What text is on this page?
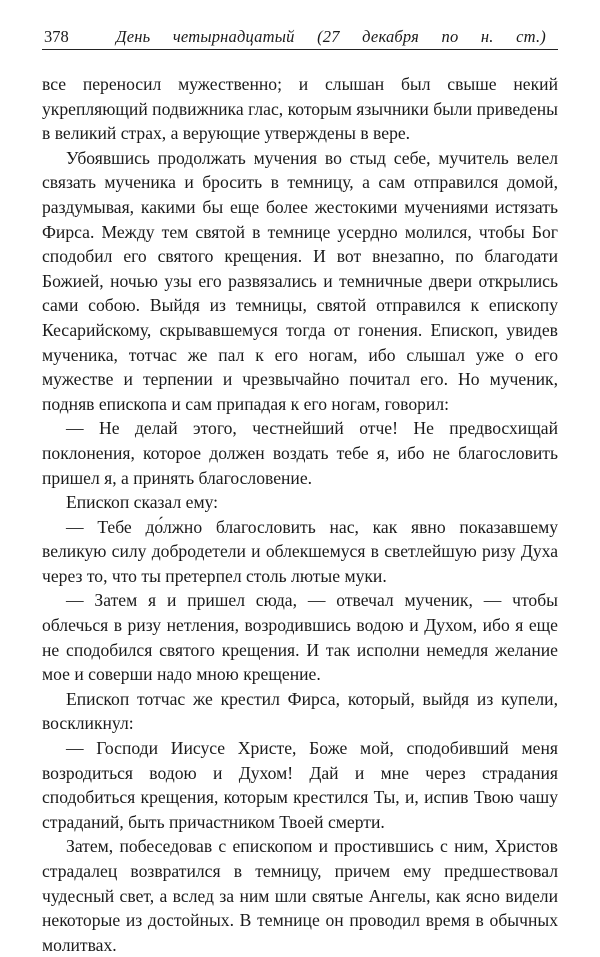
378	День четырнадцатый (27 декабря по н. ст.)

все переносил мужественно; и слышан был свыше некий укрепляющий подвижника глас, которым язычники были приведены в великий страх, а верующие утверждены в вере.

Убоявшись продолжать мучения во стыд себе, мучитель велел связать мученика и бросить в темницу, а сам отправился домой, раздумывая, какими бы еще более жестокими мучениями истязать Фирса. Между тем святой в темнице усердно молился, чтобы Бог сподобил его святого крещения. И вот внезапно, по благодати Божией, ночью узы его развязались и темничные двери открылись сами собою. Выйдя из темницы, святой отправился к епископу Кесарийскому, скрывавшемуся тогда от гонения. Епископ, увидев мученика, тотчас же пал к его ногам, ибо слышал уже о его мужестве и терпении и чрезвычайно почитал его. Но мученик, подняв епископа и сам припадая к его ногам, говорил:

— Не делай этого, честнейший отче! Не предвосхищай поклонения, которое должен воздать тебе я, ибо не благословить пришел я, а принять благословение.

Епископ сказал ему:

— Тебе до́лжно благословить нас, как явно показавшему великую силу добродетели и облекшемуся в светлейшую ризу Духа через то, что ты претерпел столь лютые муки.

— Затем я и пришел сюда, — отвечал мученик, — чтобы облечься в ризу нетления, возродившись водою и Духом, ибо я еще не сподобился святого крещения. И так исполни немедля желание мое и соверши надо мною крещение.

Епископ тотчас же крестил Фирса, который, выйдя из купели, воскликнул:

— Господи Иисусе Христе, Боже мой, сподобивший меня возродиться водою и Духом! Дай и мне через страдания сподобиться крещения, которым крестился Ты, и, испив Твою чашу страданий, быть причастником Твоей смерти.

Затем, побеседовав с епископом и простившись с ним, Христов страдалец возвратился в темницу, причем ему предшествовал чудесный свет, а вслед за ним шли святые Ангелы, как ясно видели некоторые из достойных. В темнице он проводил время в обычных молитвах.
